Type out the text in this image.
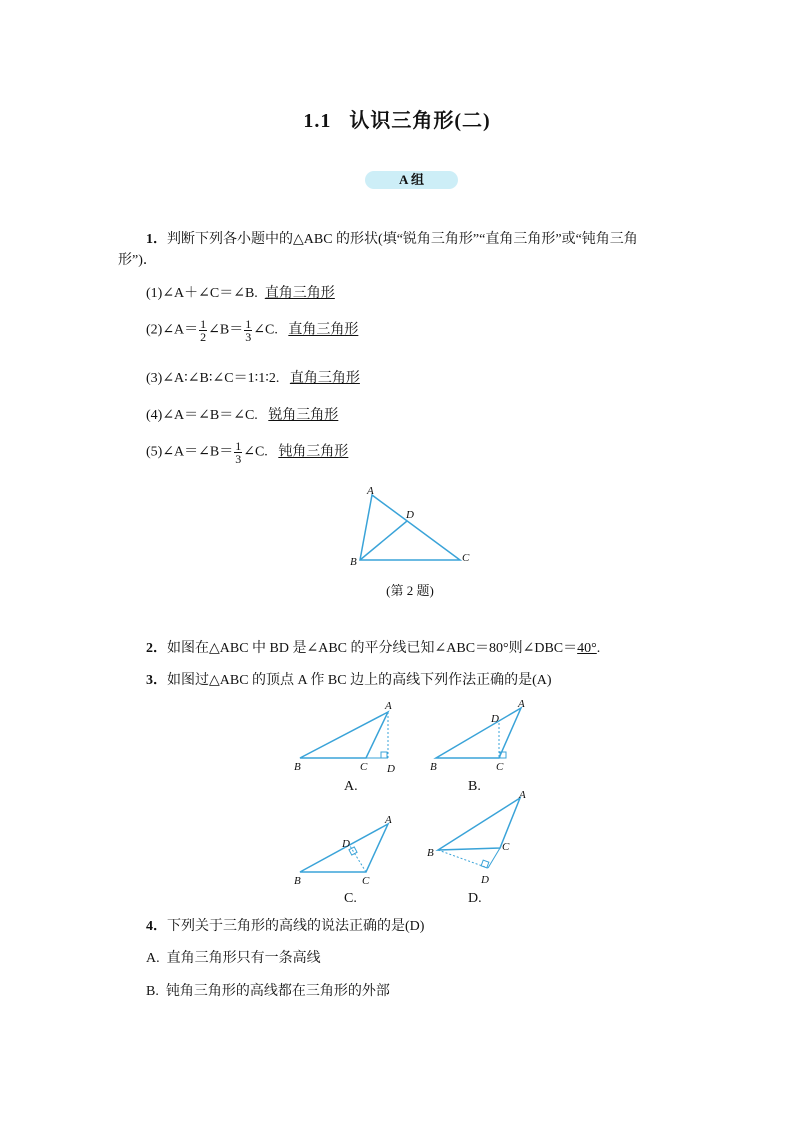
1.1 认识三角形(二)
A 组
1．判断下列各小题中的△ABC 的形状(填“锐角三角形”“直角三角形”或“钝角三角
形”)．
(1)∠A＋∠C＝∠B. 直角三角形
(2)∠A＝ $\frac{1}{2}$ ∠B＝ $\frac{1}{3}$ ∠C. 直角三角形
(3)∠A∶∠B∶∠C＝1∶1∶2. 直角三角形
(4)∠A＝∠B＝∠C. 锐角三角形
(5)∠A＝∠B＝ $\frac{1}{3}$ ∠C. 钝角三角形
A
B	C
D
(第 2 题)
2．如图在△ABC 中 BD 是∠ABC 的平分线已知∠ABC＝80°则∠DBC＝40°.
3．如图过△ABC 的顶点 A 作 BC 边上的高线下列作法正确的是(A)
A
B	C D
A.
A
B	C
D
B.
A
B	C
D
C.
A
B	C
D
D.
4．下列关于三角形的高线的说法正确的是(D)
A. 直角三角形只有一条高线
B. 钝角三角形的高线都在三角形的外部
